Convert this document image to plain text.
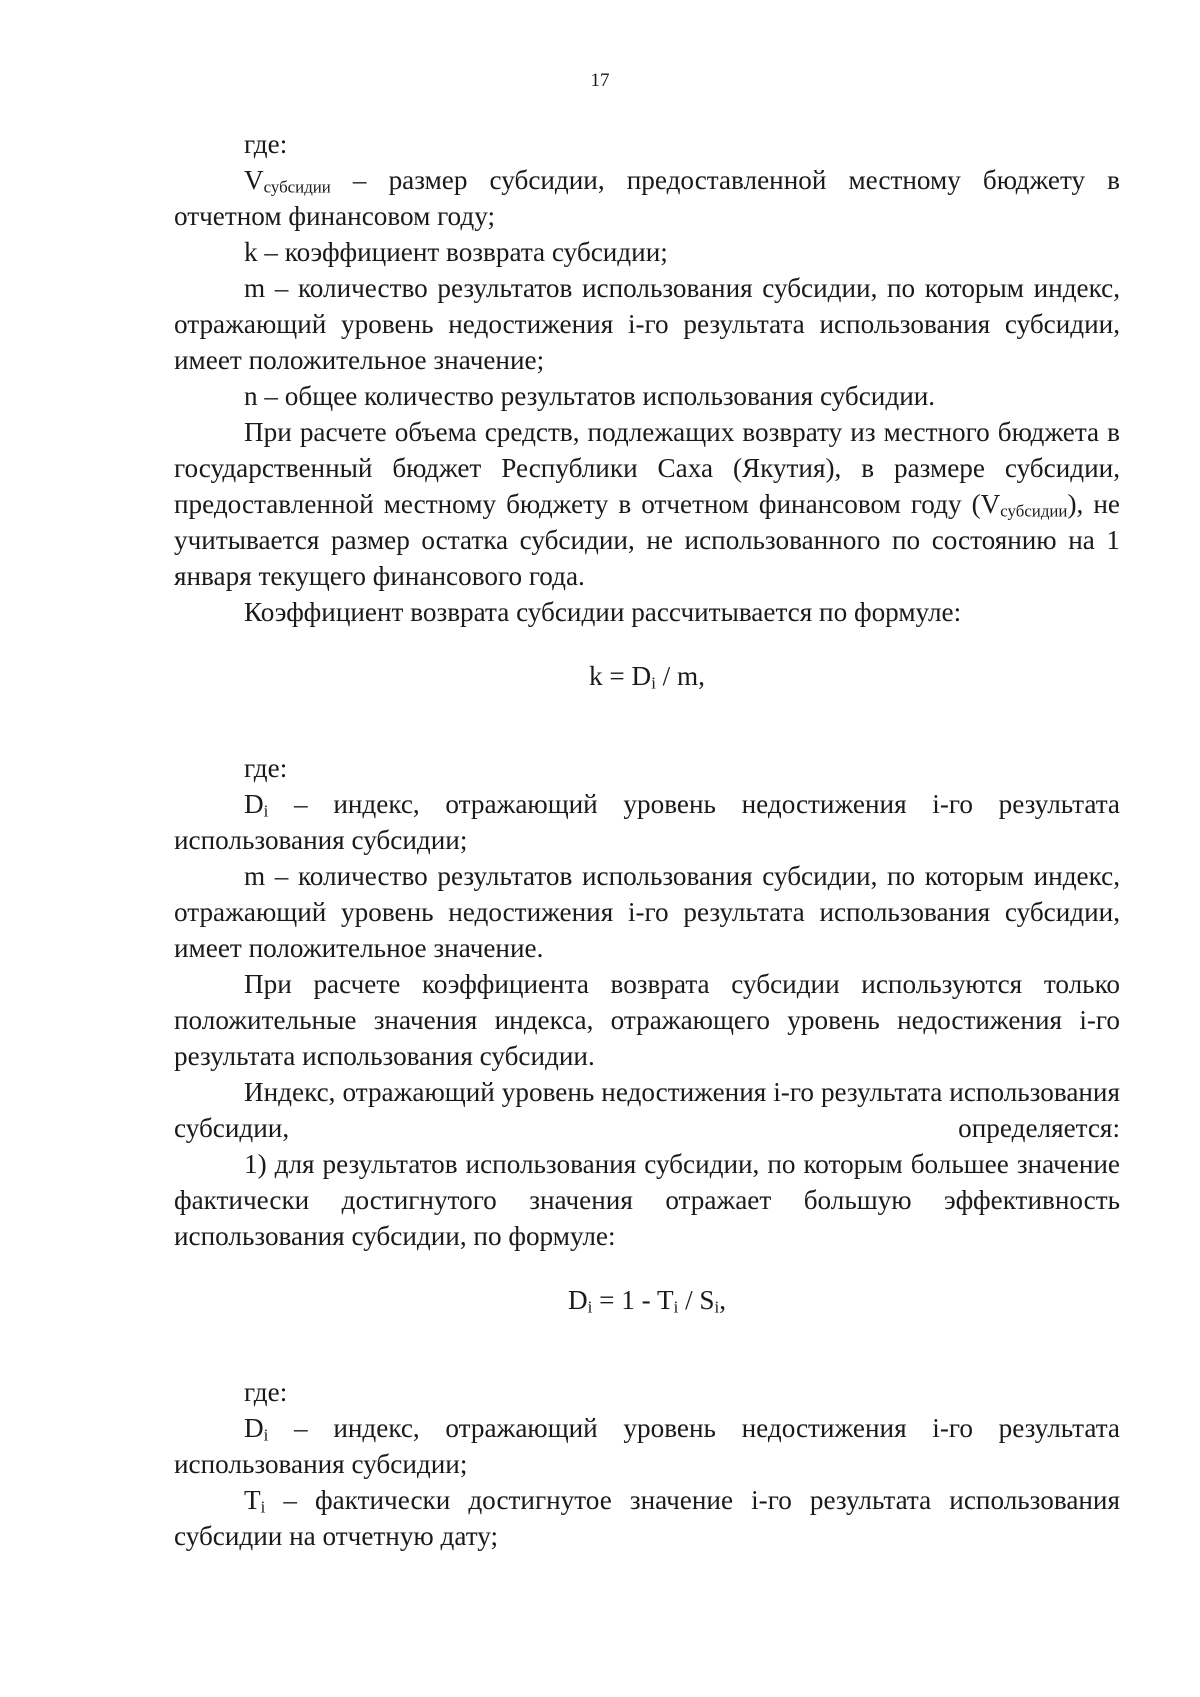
17

где:

$V_{субсидии}$ – размер субсидии, предоставленной местному бюджету в отчетном финансовом году;

k – коэффициент возврата субсидии;

m – количество результатов использования субсидии, по которым индекс, отражающий уровень недостижения i-го результата использования субсидии, имеет положительное значение;

n – общее количество результатов использования субсидии.

При расчете объема средств, подлежащих возврату из местного бюджета в государственный бюджет Республики Саха (Якутия), в размере субсидии, предоставленной местному бюджету в отчетном финансовом году $(V_{субсидии})$, не учитывается размер остатка субсидии, не использованного по состоянию на 1 января текущего финансового года.

Коэффициент возврата субсидии рассчитывается по формуле:

$k = D_i / m$,

где:

$D_i$ – индекс, отражающий уровень недостижения i-го результата использования субсидии;

m – количество результатов использования субсидии, по которым индекс, отражающий уровень недостижения i-го результата использования субсидии, имеет положительное значение.

При расчете коэффициента возврата субсидии используются только положительные значения индекса, отражающего уровень недостижения i-го результата использования субсидии.

Индекс, отражающий уровень недостижения i-го результата использования субсидии, определяется:

1) для результатов использования субсидии, по которым большее значение фактически достигнутого значения отражает большую эффективность использования субсидии, по формуле:

$D_i = 1 - T_i / S_i$,

где:

$D_i$ – индекс, отражающий уровень недостижения i-го результата использования субсидии;

$T_i$ – фактически достигнутое значение i-го результата использования субсидии на отчетную дату;
